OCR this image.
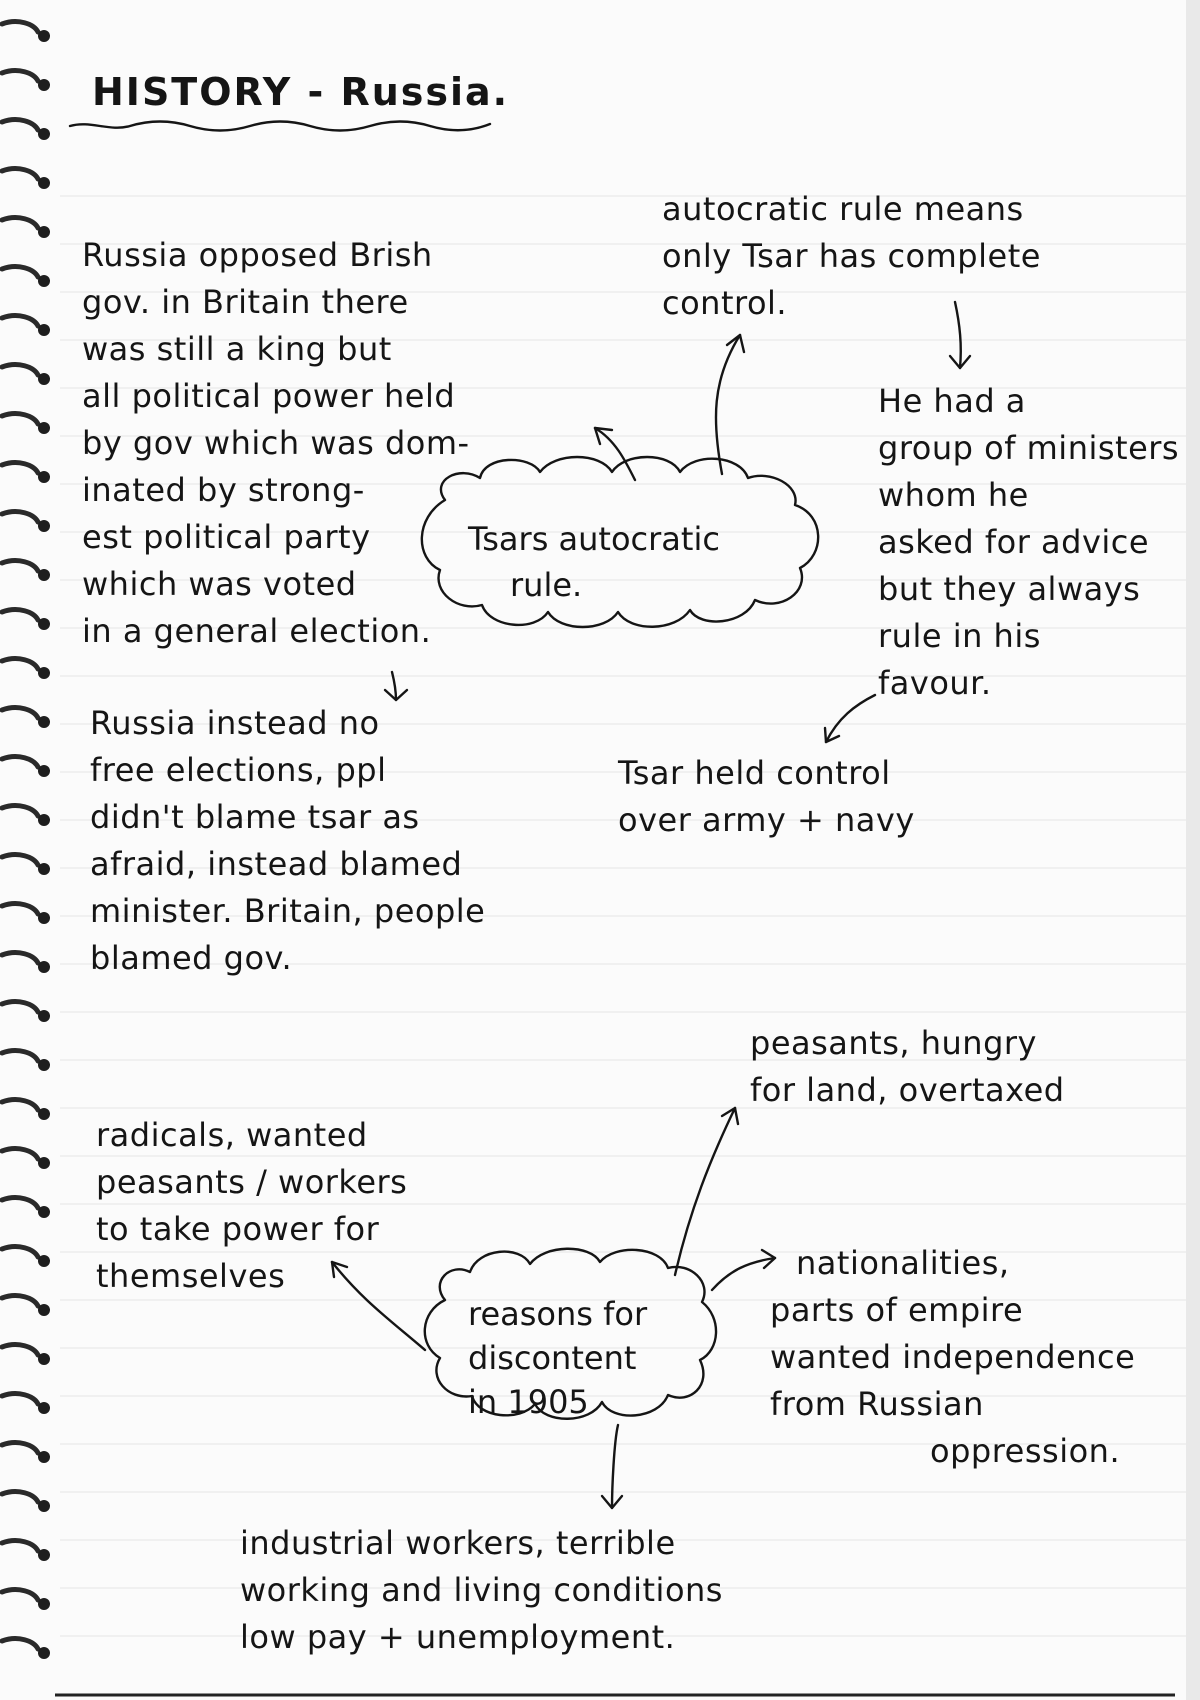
HISTORY - Russia.
Tsars autocratic
rule.
reasons for
discontent
in 1905
Russia opposed Brish
gov. in Britain there
was still a king but
all political power held
by gov which was dom-
inated by strong-
est political party
which was voted
in a general election.
autocratic rule means
only Tsar has complete
control.
He had a
group of ministers
whom he
asked for advice
but they always
rule in his
favour.
Russia instead no
free elections, ppl
didn't blame tsar as
afraid, instead blamed
minister. Britain, people
blamed gov.
Tsar held control
over army + navy
peasants, hungry
for land, overtaxed
radicals, wanted
peasants / workers
to take power for
themselves	nationalities,
parts of empire
wanted independence
from Russian
oppression.
industrial workers, terrible
working and living conditions
low pay + unemployment.
